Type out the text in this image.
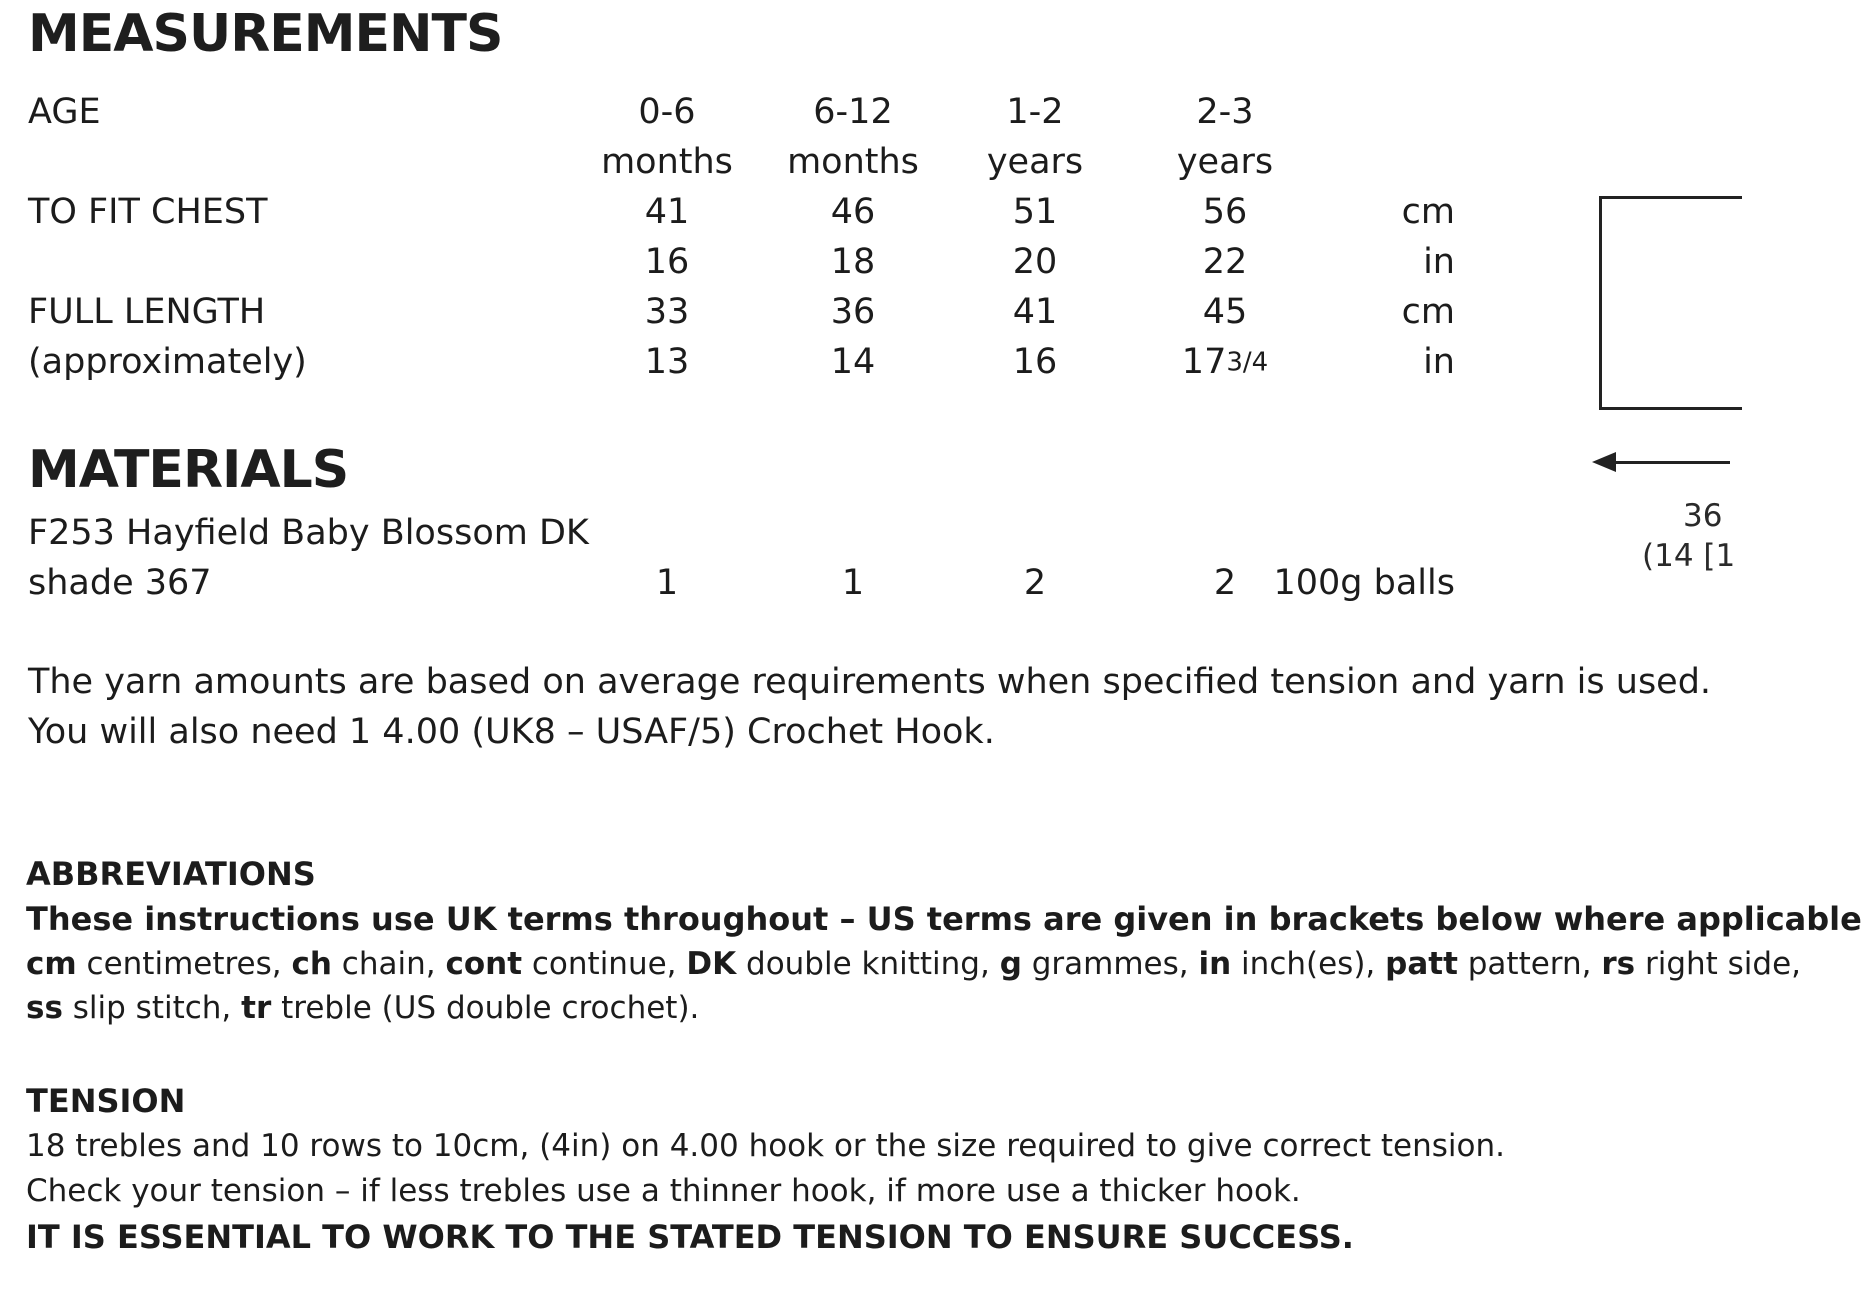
MEASUREMENTS
AGE	0-6	6-12	1-2	2-3
months	months	years	years
TO FIT CHEST	41	46	51	56	cm
16	18	20	22	in
FULL LENGTH	33	36	41	45	cm
(approximately)	13	14	16	173/4	in
MATERIALS
F253 Hayfield Baby Blossom DK
shade 367	1	1	2	2	100g balls
The yarn amounts are based on average requirements when specified tension and yarn is used.
You will also need 1 4.00 (UK8 – USAF/5) Crochet Hook.
ABBREVIATIONS
These instructions use UK terms throughout – US terms are given in brackets below where applicable
cm centimetres, ch chain, cont continue, DK double knitting, g grammes, in inch(es), patt pattern, rs right side,
ss slip stitch, tr treble (US double crochet).
TENSION
18 trebles and 10 rows to 10cm, (4in) on 4.00 hook or the size required to give correct tension.
Check your tension – if less trebles use a thinner hook, if more use a thicker hook.
IT IS ESSENTIAL TO WORK TO THE STATED TENSION TO ENSURE SUCCESS.
36
(14 [1
